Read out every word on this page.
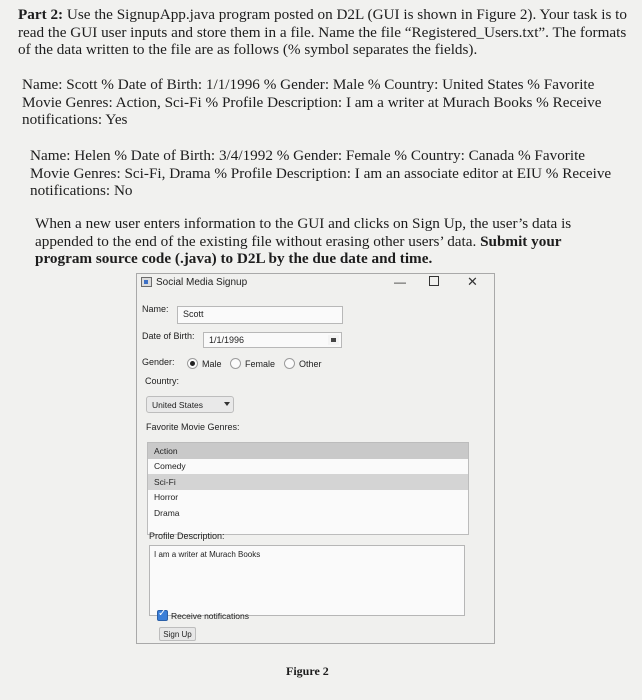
Part 2: Use the SignupApp.java program posted on D2L (GUI is shown in Figure 2). Your task is to read the GUI user inputs and store them in a file. Name the file “Registered_Users.txt”. The formats of the data written to the file are as follows (% symbol separates the fields).
Name: Scott % Date of Birth: 1/1/1996 % Gender: Male % Country: United States % Favorite Movie Genres: Action, Sci-Fi % Profile Description: I am a writer at Murach Books % Receive notifications: Yes
Name: Helen % Date of Birth: 3/4/1992 % Gender: Female % Country: Canada % Favorite Movie Genres: Sci-Fi, Drama % Profile Description: I am an associate editor at EIU % Receive notifications: No
When a new user enters information to the GUI and clicks on Sign Up, the user’s data is appended to the end of the existing file without erasing other users’ data. Submit your program source code (.java) to D2L by the due date and time.
Social Media Signup	—	✕
Name:	Scott
Date of Birth:	1/1/1996
Gender:	Male	Female	Other
Country:
United States
Favorite Movie Genres:
Action
Comedy
Sci-Fi
Horror
Drama
Profile Description:
I am a writer at Murach Books
✓ Receive notifications
Sign Up
Figure 2
